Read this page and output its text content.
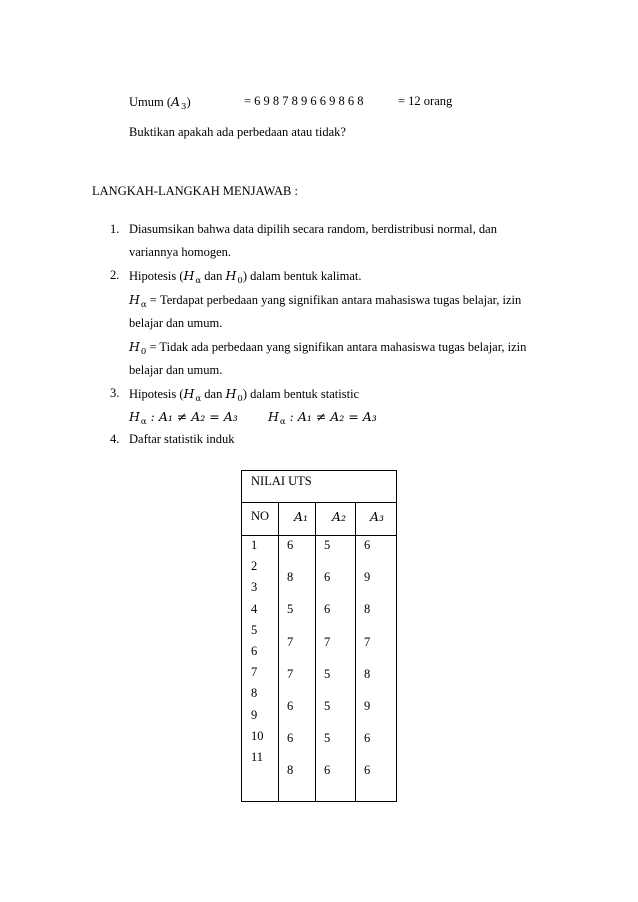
Umum $(A_3)$	= 6 9 8 7 8 9 6 6 9 8 6 8	= 12 orang
Buktikan apakah ada perbedaan atau tidak?
LANGKAH-LANGKAH MENJAWAB :
1. Diasumsikan bahwa data dipilih secara random, berdistribusi normal, dan
variannya homogen.
2. Hipotesis ($H_\alpha$ dan $H_0$) dalam bentuk kalimat.
$H_\alpha$ = Terdapat perbedaan yang signifikan antara mahasiswa tugas belajar, izin
belajar dan umum.
$H_0$ = Tidak ada perbedaan yang signifikan antara mahasiswa tugas belajar, izin
belajar dan umum.
3. Hipotesis ($H_\alpha$ dan $H_0$) dalam bentuk statistic
$H_\alpha$ : A₁ ≠ A₂ = A₃ $H_\alpha$ : A₁ ≠ A₂ = A₃
4. Daftar statistik induk
NILAI UTS
NO A₁ A₂ A₃
1
2
3
4
5
6
7
8
9
10
11
6
8
5
7
7
6
6
8
5
6
6
7
5
5
5
6
6
9
8
7
8
9
6
6
